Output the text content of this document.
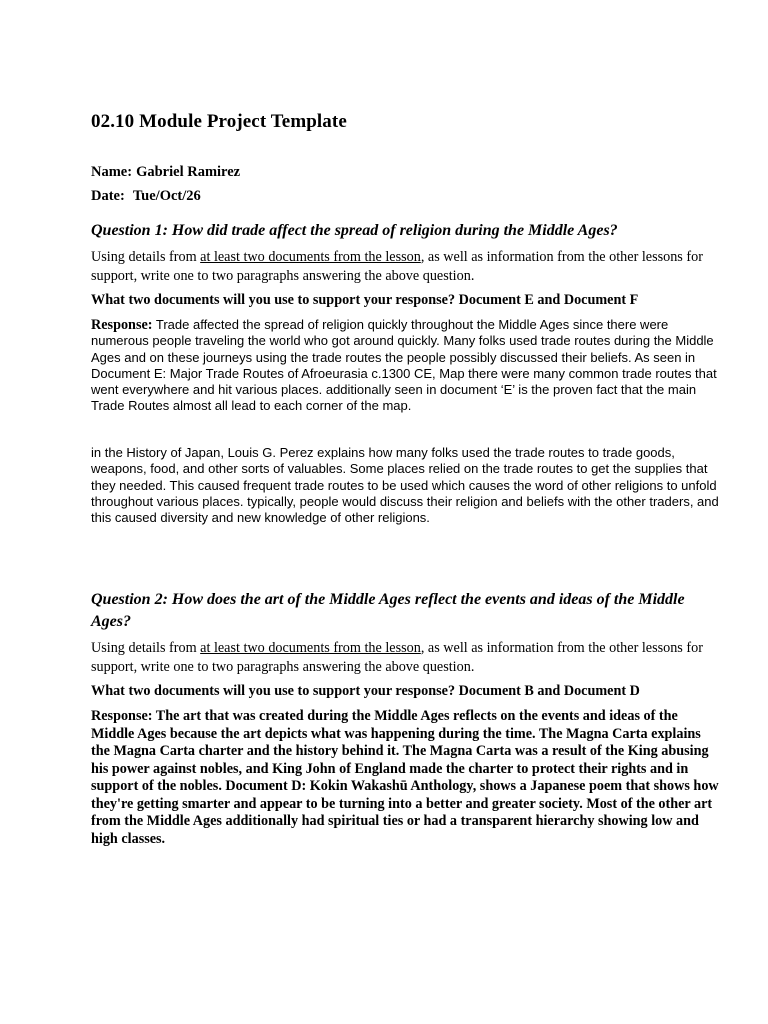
02.10 Module Project Template
Name: Gabriel Ramirez
Date: Tue/Oct/26
Question 1: How did trade affect the spread of religion during the Middle Ages?
Using details from at least two documents from the lesson, as well as information from the other lessons for support, write one to two paragraphs answering the above question.
What two documents will you use to support your response? Document E and Document F
Response: Trade affected the spread of religion quickly throughout the Middle Ages since there were numerous people traveling the world who got around quickly. Many folks used trade routes during the Middle Ages and on these journeys using the trade routes the people possibly discussed their beliefs. As seen in Document E: Major Trade Routes of Afroeurasia c.1300 CE, Map there were many common trade routes that went everywhere and hit various places. additionally seen in document ‘E’ is the proven fact that the main Trade Routes almost all lead to each corner of the map.
in the History of Japan, Louis G. Perez explains how many folks used the trade routes to trade goods, weapons, food, and other sorts of valuables. Some places relied on the trade routes to get the supplies that they needed. This caused frequent trade routes to be used which causes the word of other religions to unfold throughout various places. typically, people would discuss their religion and beliefs with the other traders, and this caused diversity and new knowledge of other religions.
Question 2: How does the art of the Middle Ages reflect the events and ideas of the Middle Ages?
Using details from at least two documents from the lesson, as well as information from the other lessons for support, write one to two paragraphs answering the above question.
What two documents will you use to support your response? Document B and Document D
Response: The art that was created during the Middle Ages reflects on the events and ideas of the Middle Ages because the art depicts what was happening during the time. The Magna Carta explains the Magna Carta charter and the history behind it. The Magna Carta was a result of the King abusing his power against nobles, and King John of England made the charter to protect their rights and in support of the nobles. Document D: Kokin Wakashū Anthology, shows a Japanese poem that shows how they're getting smarter and appear to be turning into a better and greater society. Most of the other art from the Middle Ages additionally had spiritual ties or had a transparent hierarchy showing low and high classes.
